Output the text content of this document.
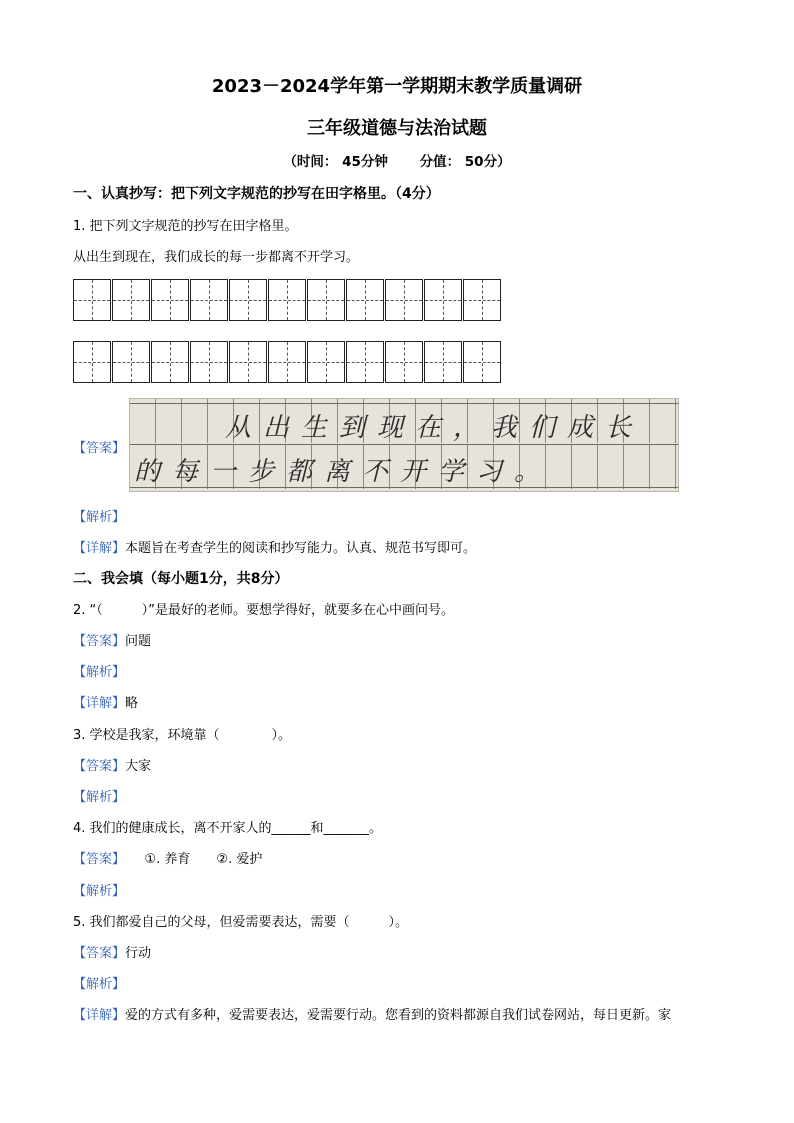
2023－2024学年第一学期期末教学质量调研
三年级道德与法治试题
（时间： 45分钟　　 分值： 50分）
一、认真抄写：把下列文字规范的抄写在田字格里。（4分）
1. 把下列文字规范的抄写在田字格里。
从出生到现在，我们成长的每一步都离不开学习。
【答案】
从出生到现在，我们成长
的每一步都离不开学习。
【解析】
【详解】本题旨在考查学生的阅读和抄写能力。认真、规范书写即可。
二、我会填（每小题1分，共8分）
2. “（　　　）”是最好的老师。要想学得好，就要多在心中画问号。
【答案】问题
【解析】
【详解】略
3. 学校是我家，环境靠（　　　　）。
【答案】大家
【解析】
4. 我们的健康成长，离不开家人的______和_______。
【答案】　　①. 养育　　②. 爱护
【解析】
5. 我们都爱自己的父母，但爱需要表达，需要（　　　）。
【答案】行动
【解析】
【详解】爱的方式有多种，爱需要表达，爱需要行动。您看到的资料都源自我们试卷网站，每日更新。家
